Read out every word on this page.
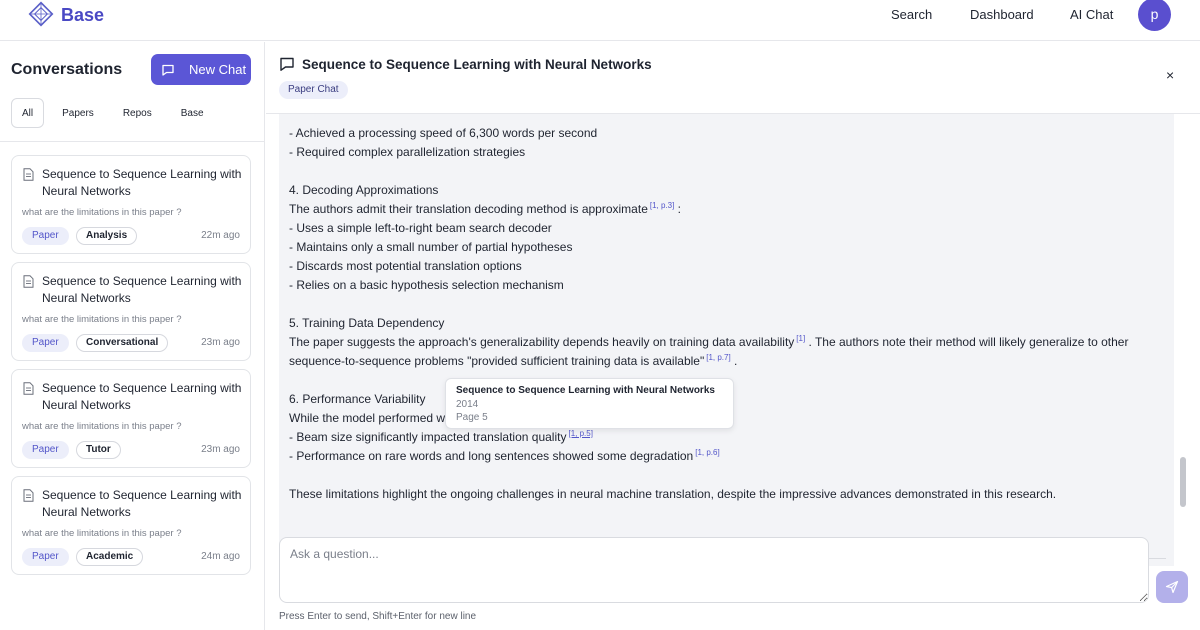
Base	Search	Dashboard	AI Chat	p
Conversations	New Chat
All	Papers	Repos	Base
Sequence to Sequence Learning with Neural Networks
what are the limitations in this paper ?
Paper	Analysis	22m ago
Sequence to Sequence Learning with Neural Networks
what are the limitations in this paper ?
Paper	Conversational	23m ago
Sequence to Sequence Learning with Neural Networks
what are the limitations in this paper ?
Paper	Tutor	23m ago
Sequence to Sequence Learning with Neural Networks
what are the limitations in this paper ?
Paper	Academic	24m ago
Sequence to Sequence Learning with Neural Networks
Paper Chat
×

- Achieved a processing speed of 6,300 words per second

- Required complex parallelization strategies

4. Decoding Approximations

The authors admit their translation decoding method is approximate [1, p.3] :

- Uses a simple left-to-right beam search decoder

- Maintains only a small number of partial hypotheses

- Discards most potential translation options

- Relies on a basic hypothesis selection mechanism

5. Training Data Dependency

The paper suggests the approach's generalizability depends heavily on training data availability [1] . The authors note their method will likely generalize to other

sequence-to-sequence problems "provided sufficient training data is available" [1, p.7] .

6. Performance Variability

While the model performed w

- Beam size significantly impacted translation quality [1, p.5]

- Performance on rare words and long sentences showed some degradation [1, p.6]

These limitations highlight the ongoing challenges in neural machine translation, despite the impressive advances demonstrated in this research.

Ask a question...
Press Enter to send, Shift+Enter for new line
Sequence to Sequence Learning with Neural Networks
2014
Page 5
